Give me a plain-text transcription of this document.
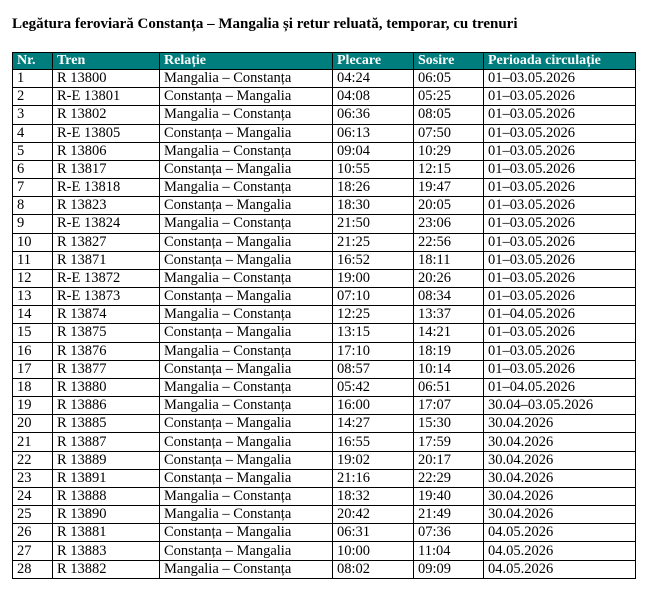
Legătura feroviară Constanța – Mangalia și retur reluată, temporar, cu trenuri
Nr.	Tren	Relație	Plecare	Sosire	Perioada circulație
1	R 13800	Mangalia – Constanța	04:24	06:05	01–03.05.2026
2	R-E 13801	Constanța – Mangalia	04:08	05:25	01–03.05.2026
3	R 13802	Mangalia – Constanța	06:36	08:05	01–03.05.2026
4	R-E 13805	Constanța – Mangalia	06:13	07:50	01–03.05.2026
5	R 13806	Mangalia – Constanța	09:04	10:29	01–03.05.2026
6	R 13817	Constanța – Mangalia	10:55	12:15	01–03.05.2026
7	R-E 13818	Mangalia – Constanța	18:26	19:47	01–03.05.2026
8	R 13823	Constanța – Mangalia	18:30	20:05	01–03.05.2026
9	R-E 13824	Mangalia – Constanța	21:50	23:06	01–03.05.2026
10	R 13827	Constanța – Mangalia	21:25	22:56	01–03.05.2026
11	R 13871	Constanța – Mangalia	16:52	18:11	01–03.05.2026
12	R-E 13872	Mangalia – Constanța	19:00	20:26	01–03.05.2026
13	R-E 13873	Constanța – Mangalia	07:10	08:34	01–03.05.2026
14	R 13874	Mangalia – Constanța	12:25	13:37	01–04.05.2026
15	R 13875	Constanța – Mangalia	13:15	14:21	01–03.05.2026
16	R 13876	Mangalia – Constanța	17:10	18:19	01–03.05.2026
17	R 13877	Constanța – Mangalia	08:57	10:14	01–03.05.2026
18	R 13880	Mangalia – Constanța	05:42	06:51	01–04.05.2026
19	R 13886	Mangalia – Constanța	16:00	17:07	30.04–03.05.2026
20	R 13885	Constanța – Mangalia	14:27	15:30	30.04.2026
21	R 13887	Constanța – Mangalia	16:55	17:59	30.04.2026
22	R 13889	Constanța – Mangalia	19:02	20:17	30.04.2026
23	R 13891	Constanța – Mangalia	21:16	22:29	30.04.2026
24	R 13888	Mangalia – Constanța	18:32	19:40	30.04.2026
25	R 13890	Mangalia – Constanța	20:42	21:49	30.04.2026
26	R 13881	Constanța – Mangalia	06:31	07:36	04.05.2026
27	R 13883	Constanța – Mangalia	10:00	11:04	04.05.2026
28	R 13882	Mangalia – Constanța	08:02	09:09	04.05.2026
